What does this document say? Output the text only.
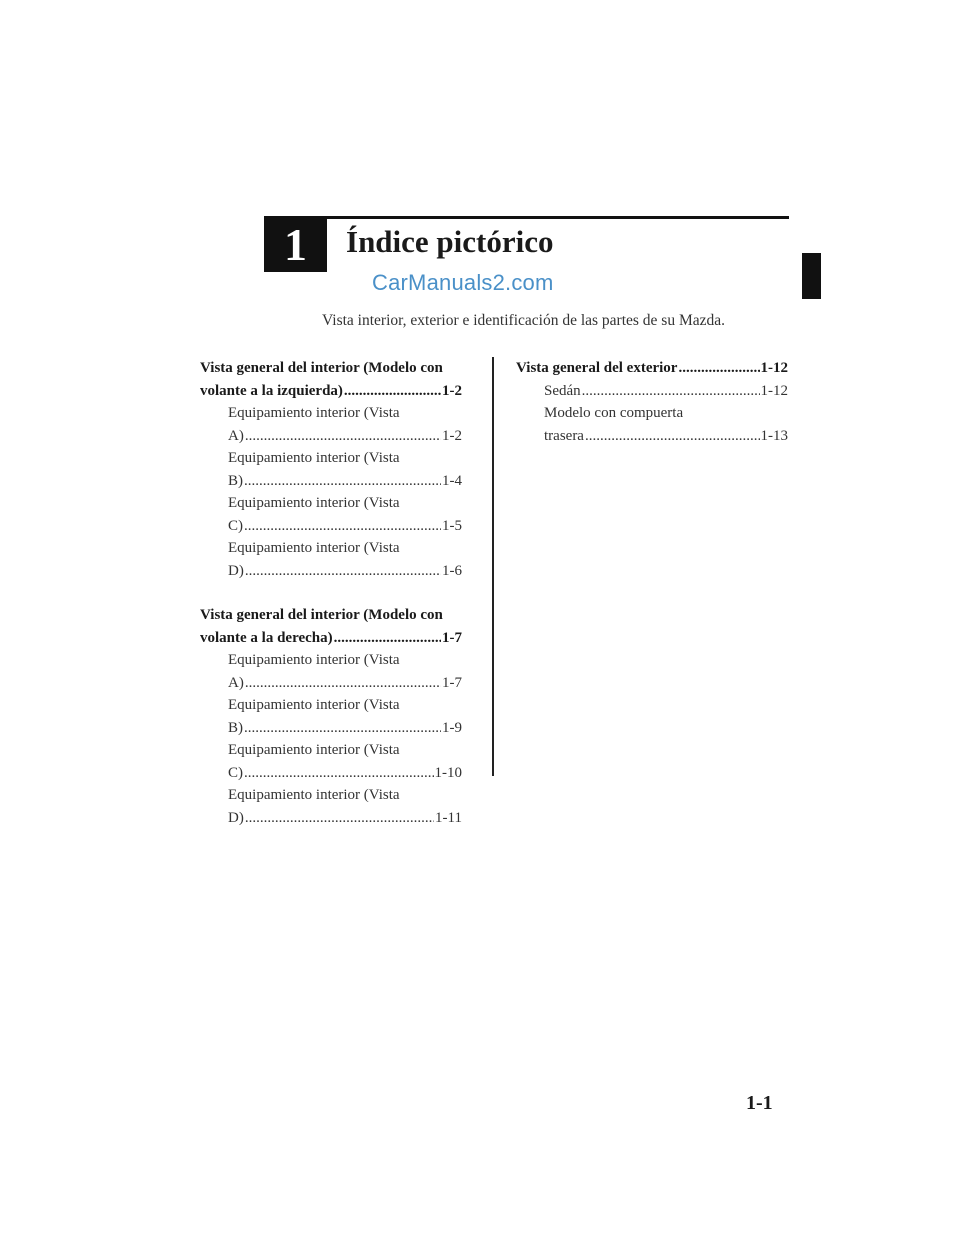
1 Índice pictórico
CarManuals2.com
Vista interior, exterior e identificación de las partes de su Mazda.
Vista general del interior (Modelo con
volante a la izquierda) .....	1-2
Equipamiento interior (Vista
A) .....	1-2
Equipamiento interior (Vista
B) .....	1-4
Equipamiento interior (Vista
C) .....	1-5
Equipamiento interior (Vista
D) .....	1-6
Vista general del interior (Modelo con
volante a la derecha) .....	1-7
Equipamiento interior (Vista
A) .....	1-7
Equipamiento interior (Vista
B) .....	1-9
Equipamiento interior (Vista
C) .....	1-10
Equipamiento interior (Vista
D) .....	1-11
Vista general del exterior .....	1-12
Sedán .....	1-12
Modelo con compuerta
trasera .....	1-13
1-1
